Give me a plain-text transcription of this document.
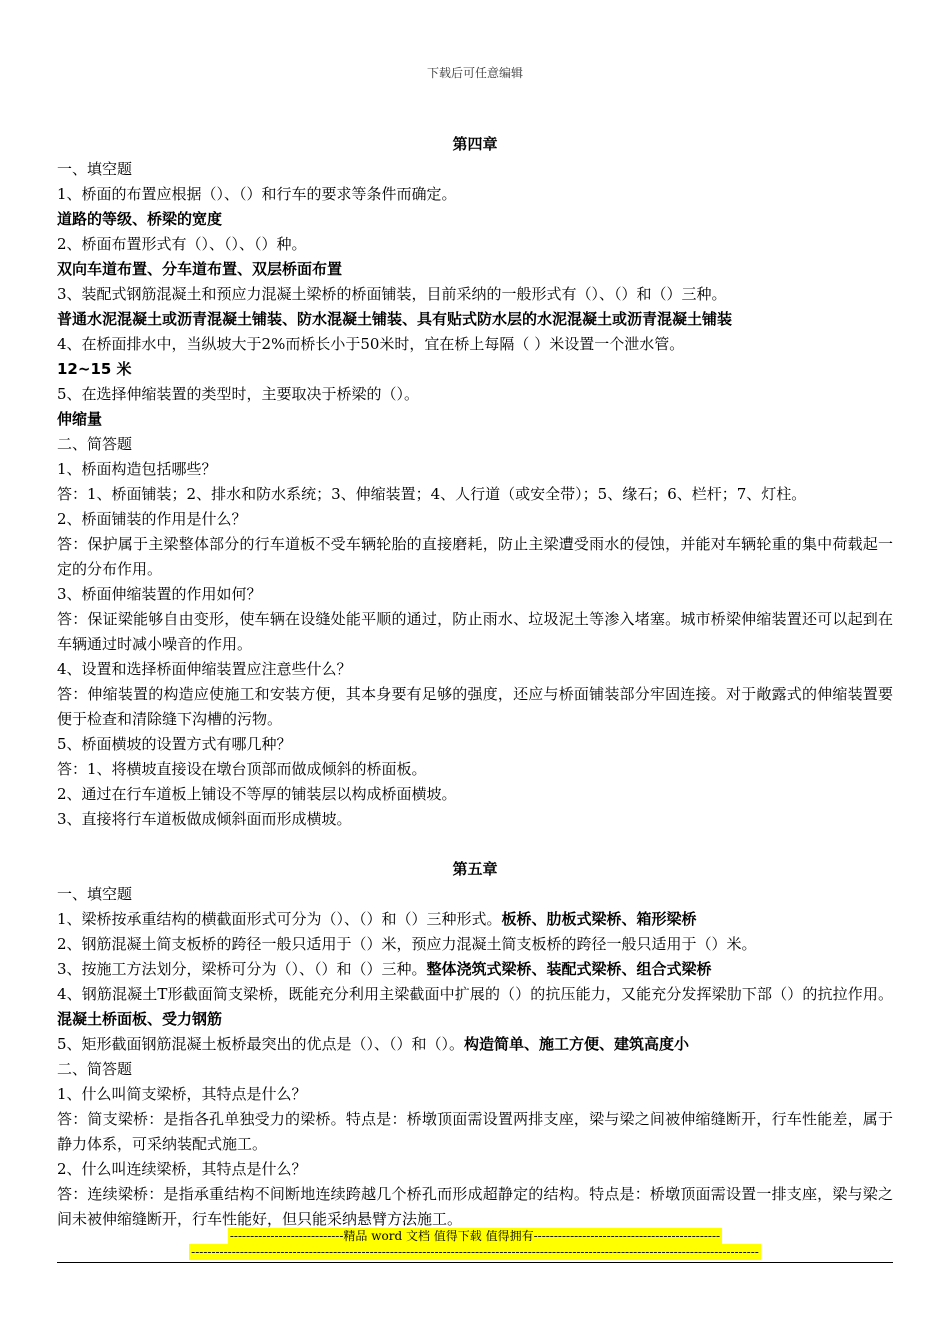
下载后可任意编辑

第四章

一、填空题

1、桥面的布置应根据（）、（）和行车的要求等条件而确定。

道路的等级、桥梁的宽度

2、桥面布置形式有（）、（）、（）种。

双向车道布置、分车道布置、双层桥面布置

3、装配式钢筋混凝土和预应力混凝土梁桥的桥面铺装，目前采纳的一般形式有（）、（）和（）三种。

普通水泥混凝土或沥青混凝土铺装、防水混凝土铺装、具有贴式防水层的水泥混凝土或沥青混凝土铺装

4、在桥面排水中，当纵坡大于2%而桥长小于50米时，宜在桥上每隔（ ）米设置一个泄水管。

12~15 米

5、在选择伸缩装置的类型时，主要取决于桥梁的（）。

伸缩量

二、简答题

1、桥面构造包括哪些？

答：1、桥面铺装；2、排水和防水系统；3、伸缩装置；4、人行道（或安全带）；5、缘石；6、栏杆；7、灯柱。

2、桥面铺装的作用是什么？

答：保护属于主梁整体部分的行车道板不受车辆轮胎的直接磨耗，防止主梁遭受雨水的侵蚀，并能对车辆轮重的集中荷载起一定的分布作用。

3、桥面伸缩装置的作用如何？

答：保证梁能够自由变形，使车辆在设缝处能平顺的通过，防止雨水、垃圾泥土等渗入堵塞。城市桥梁伸缩装置还可以起到在车辆通过时减小噪音的作用。

4、设置和选择桥面伸缩装置应注意些什么？

答：伸缩装置的构造应使施工和安装方便，其本身要有足够的强度，还应与桥面铺装部分牢固连接。对于敞露式的伸缩装置要便于检查和清除缝下沟槽的污物。

5、桥面横坡的设置方式有哪几种？

答：1、将横坡直接设在墩台顶部而做成倾斜的桥面板。

2、通过在行车道板上铺设不等厚的铺装层以构成桥面横坡。

3、直接将行车道板做成倾斜面而形成横坡。

第五章

一、填空题

1、梁桥按承重结构的横截面形式可分为（）、（）和（）三种形式。板桥、肋板式梁桥、箱形梁桥

2、钢筋混凝土简支板桥的跨径一般只适用于（）米，预应力混凝土简支板桥的跨径一般只适用于（）米。

3、按施工方法划分，梁桥可分为（）、（）和（）三种。整体浇筑式梁桥、装配式梁桥、组合式梁桥

4、钢筋混凝土T形截面简支梁桥，既能充分利用主梁截面中扩展的（）的抗压能力，又能充分发挥梁肋下部（）的抗拉作用。混凝土桥面板、受力钢筋

5、矩形截面钢筋混凝土板桥最突出的优点是（）、（）和（）。构造简单、施工方便、建筑高度小

二、简答题

1、什么叫简支梁桥，其特点是什么？

答：简支梁桥：是指各孔单独受力的梁桥。特点是：桥墩顶面需设置两排支座，梁与梁之间被伸缩缝断开，行车性能差，属于静力体系，可采纳装配式施工。

2、什么叫连续梁桥，其特点是什么？

答：连续梁桥：是指承重结构不间断地连续跨越几个桥孔而形成超静定的结构。特点是：桥墩顶面需设置一排支座，梁与梁之间未被伸缩缝断开，行车性能好，但只能采纳悬臂方法施工。

----------------------------精品 word 文档 值得下载 值得拥有----------------------------------------------
--------------------------------------------------------------------------------------------------------------------------------------------
